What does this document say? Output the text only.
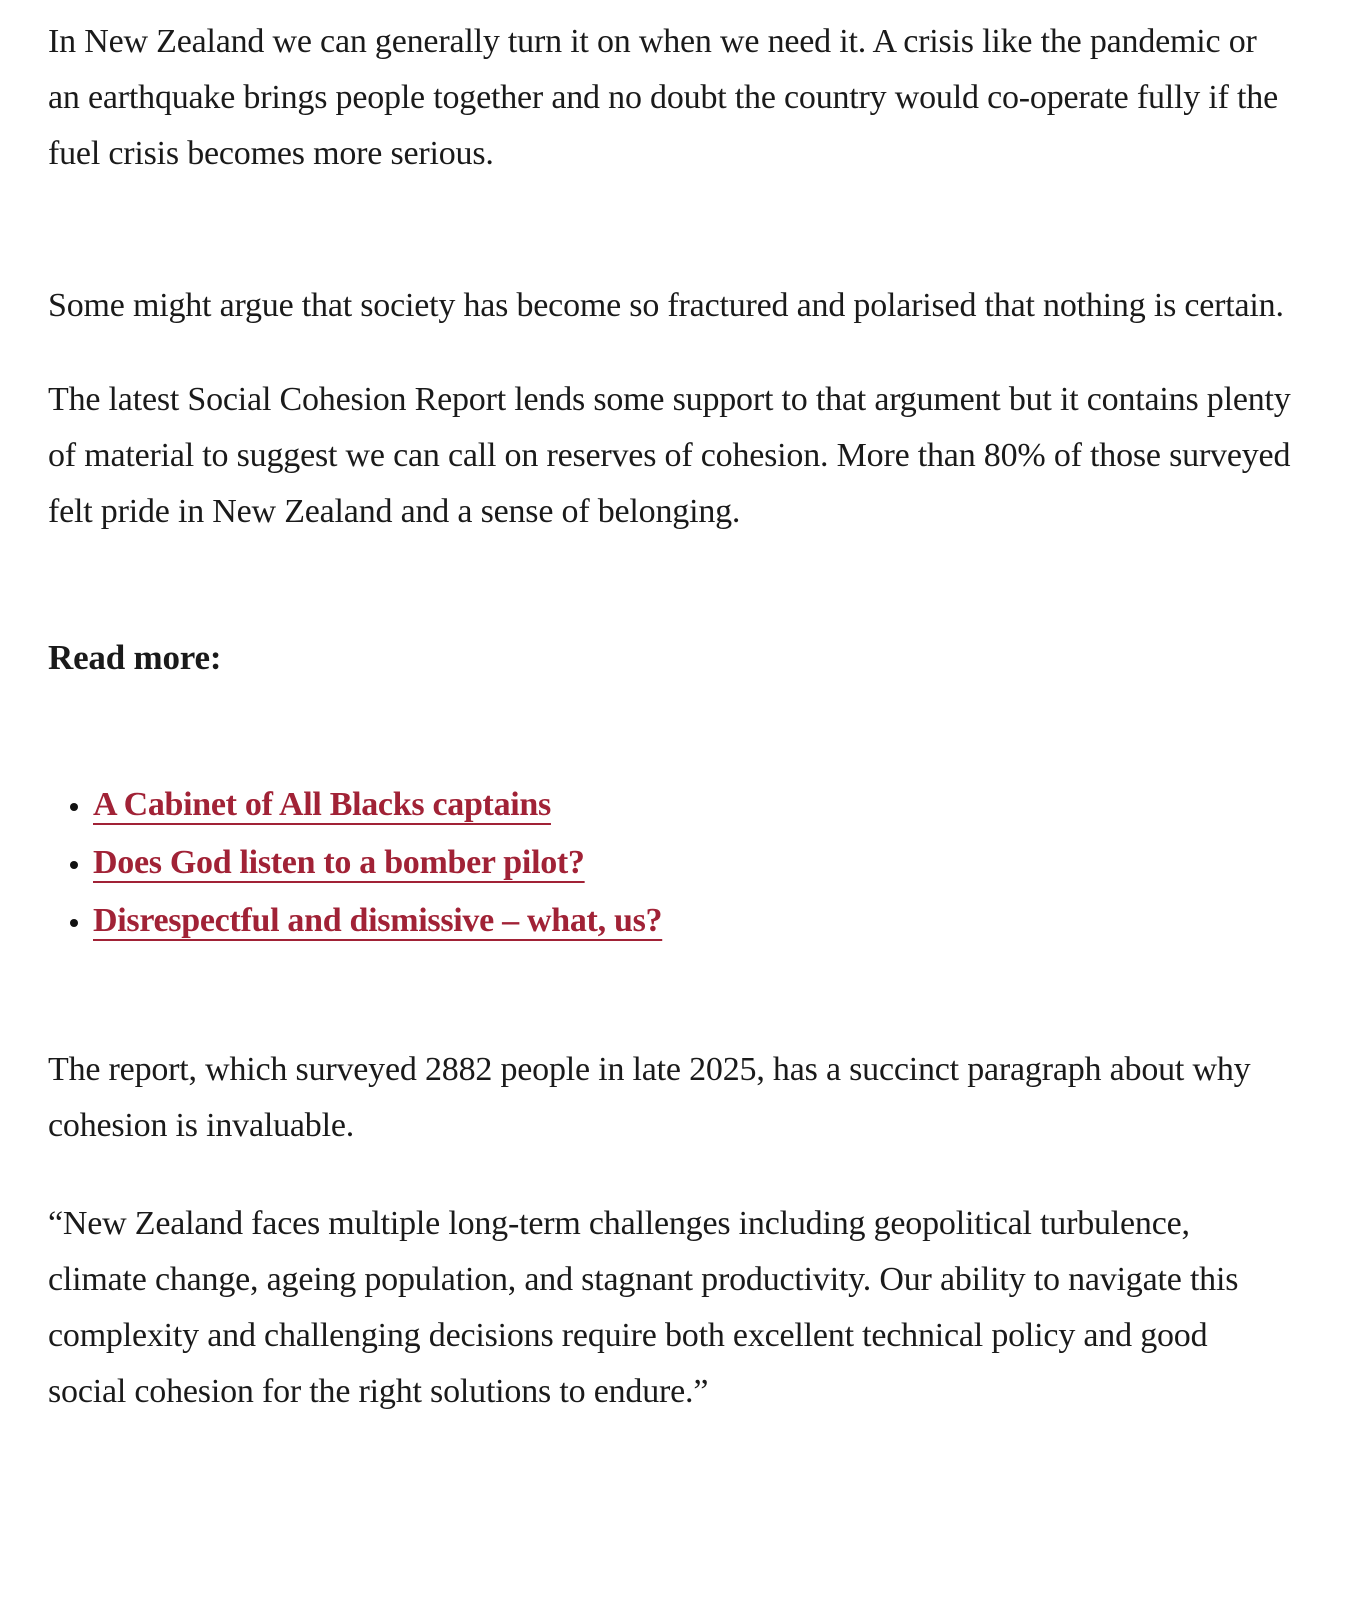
In New Zealand we can generally turn it on when we need it. A crisis like the pandemic or an earthquake brings people together and no doubt the country would co-operate fully if the fuel crisis becomes more serious.

Some might argue that society has become so fractured and polarised that nothing is certain.

The latest Social Cohesion Report lends some support to that argument but it contains plenty of material to suggest we can call on reserves of cohesion. More than 80% of those surveyed felt pride in New Zealand and a sense of belonging.

Read more:
• A Cabinet of All Blacks captains
• Does God listen to a bomber pilot?
• Disrespectful and dismissive – what, us?

The report, which surveyed 2882 people in late 2025, has a succinct paragraph about why cohesion is invaluable.

“New Zealand faces multiple long-term challenges including geopolitical turbulence, climate change, ageing population, and stagnant productivity. Our ability to navigate this complexity and challenging decisions require both excellent technical policy and good social cohesion for the right solutions to endure.”
